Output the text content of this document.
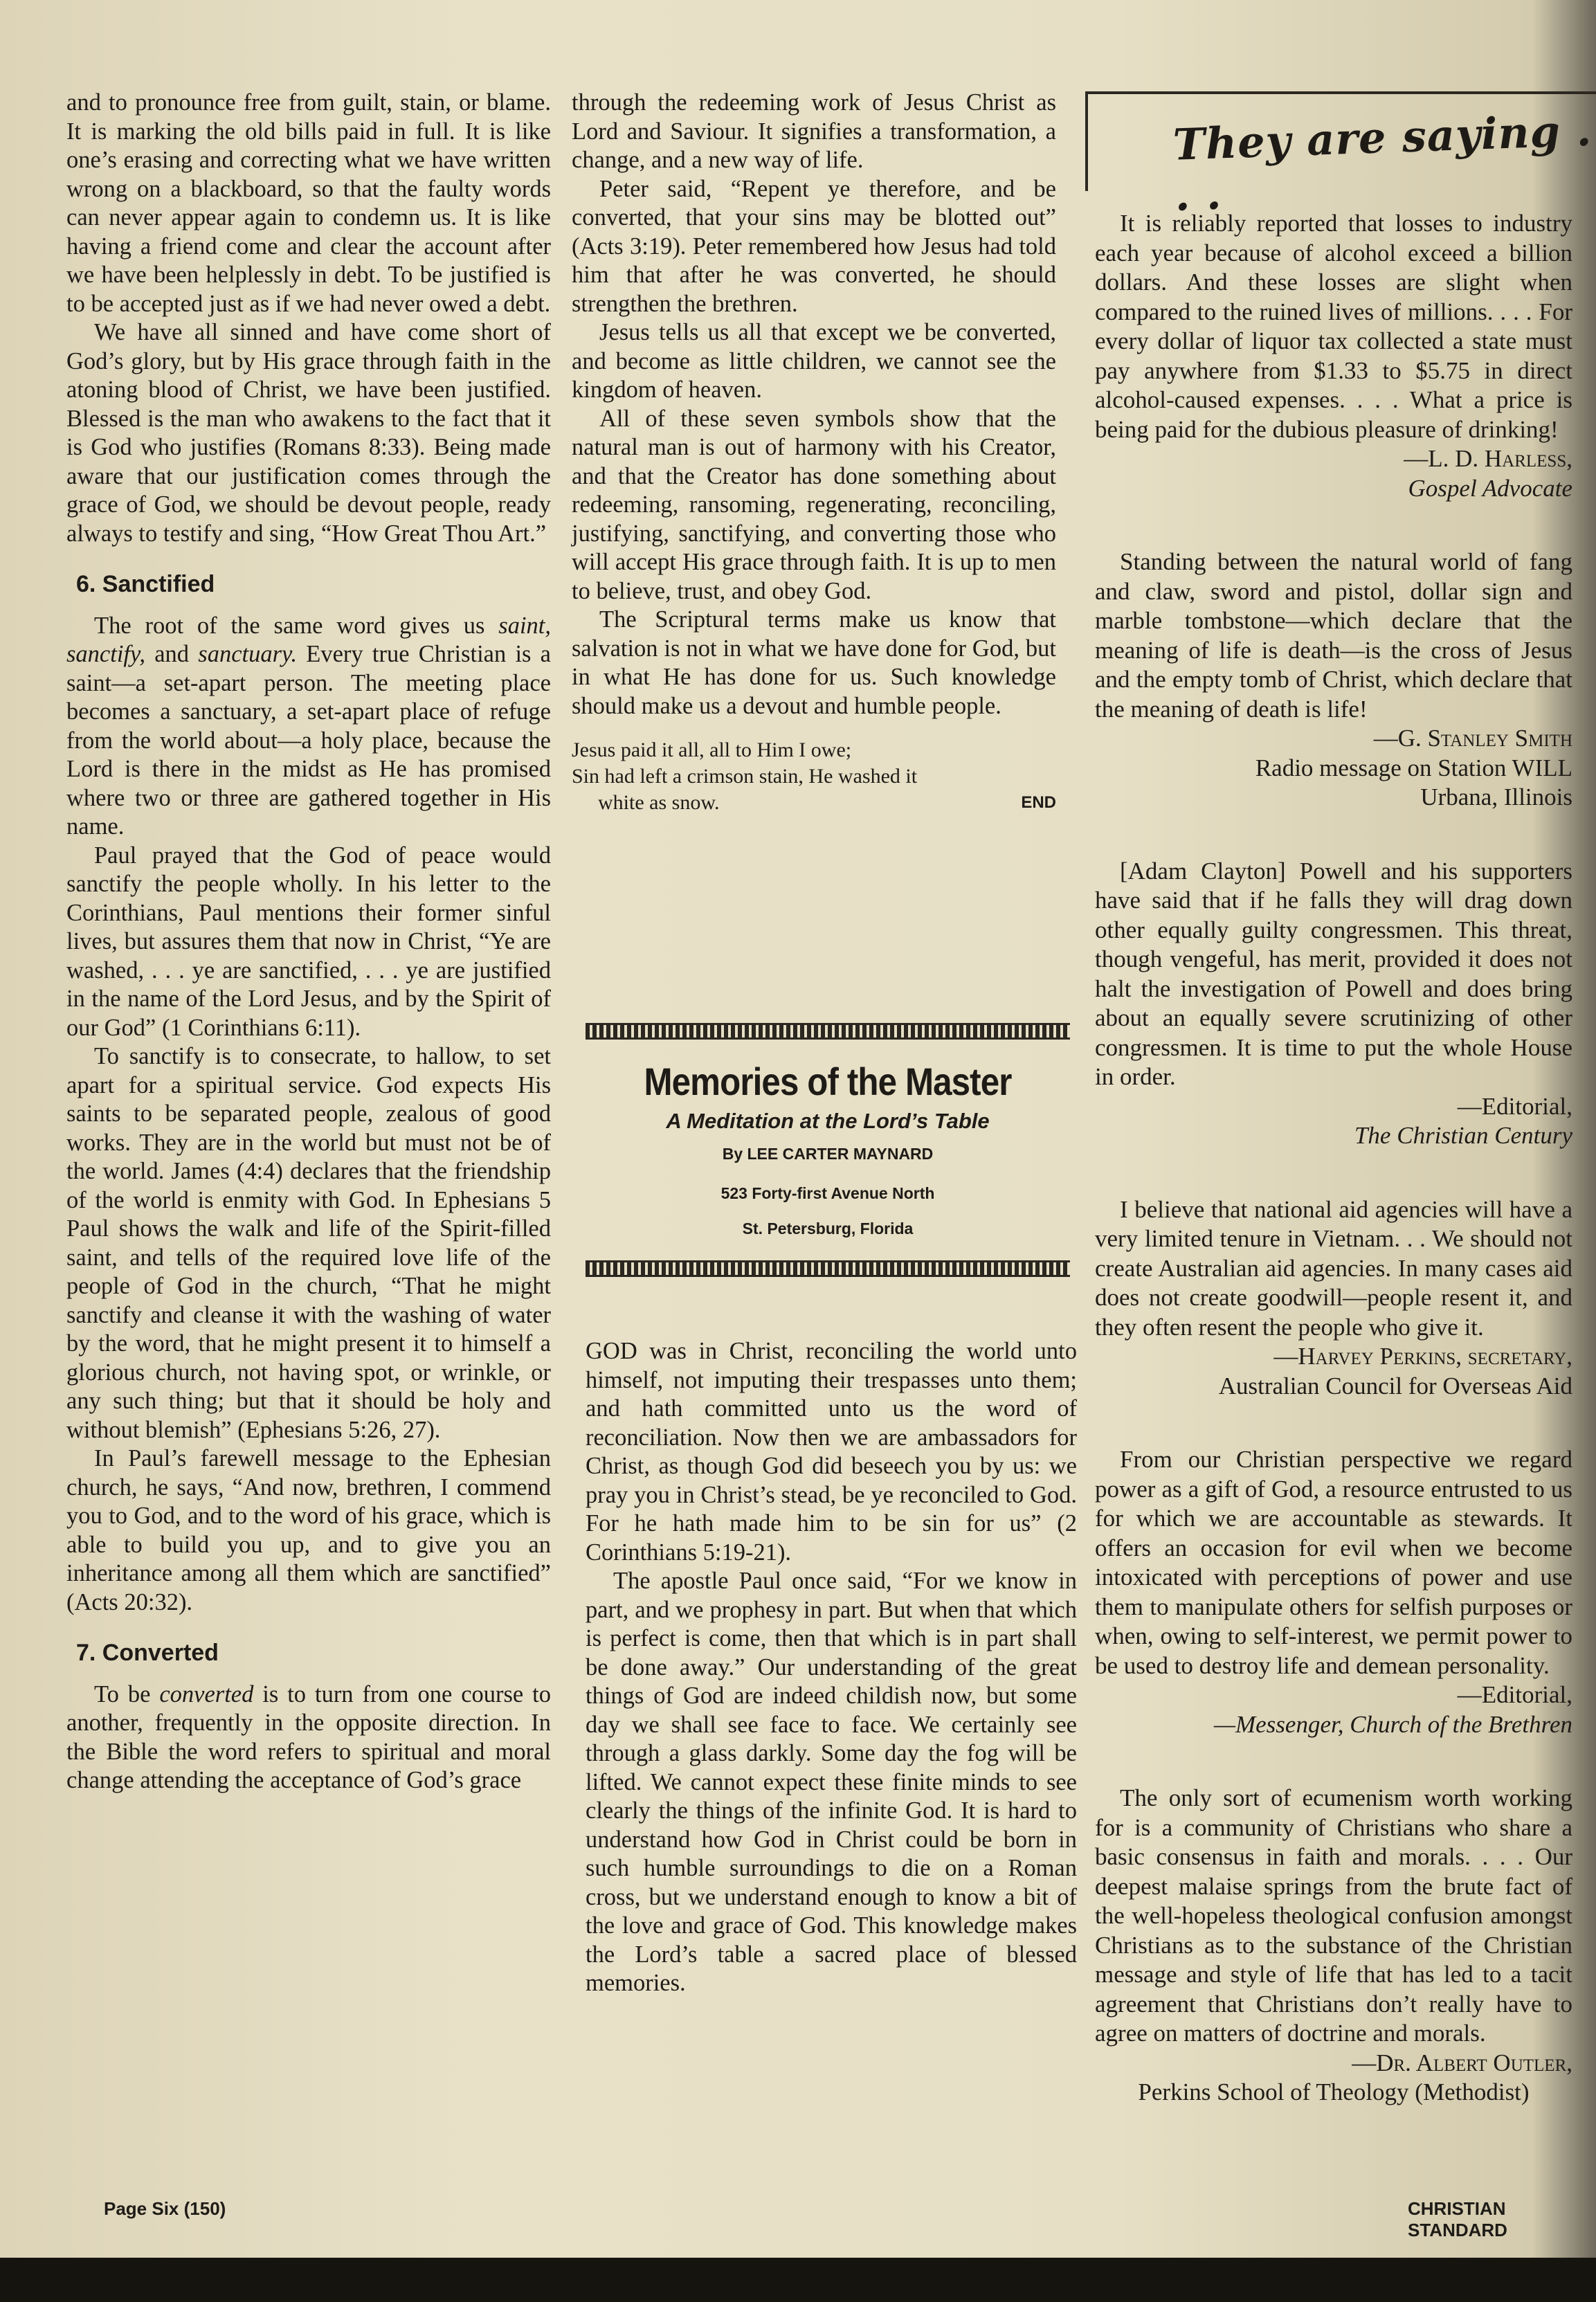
and to pronounce free from guilt, stain, or blame. It is marking the old bills paid in full. It is like one’s erasing and correcting what we have written wrong on a blackboard, so that the faulty words can never appear again to condemn us. It is like having a friend come and clear the account after we have been helplessly in debt. To be justified is to be accepted just as if we had never owed a debt.

We have all sinned and have come short of God’s glory, but by His grace through faith in the atoning blood of Christ, we have been justified. Blessed is the man who awakens to the fact that it is God who justifies (Romans 8:33). Being made aware that our justification comes through the grace of God, we should be devout people, ready always to testify and sing, “How Great Thou Art.”

6. Sanctified

The root of the same word gives us saint, sanctify, and sanctuary. Every true Christian is a saint—a set-apart person. The meeting place becomes a sanctuary, a set-apart place of refuge from the world about—a holy place, because the Lord is there in the midst as He has promised where two or three are gathered together in His name.

Paul prayed that the God of peace would sanctify the people wholly. In his letter to the Corinthians, Paul mentions their former sinful lives, but assures them that now in Christ, “Ye are washed, . . . ye are sanctified, . . . ye are justified in the name of the Lord Jesus, and by the Spirit of our God” (1 Corinthians 6:11).

To sanctify is to consecrate, to hallow, to set apart for a spiritual service. God expects His saints to be separated people, zealous of good works. They are in the world but must not be of the world. James (4:4) declares that the friendship of the world is enmity with God. In Ephesians 5 Paul shows the walk and life of the Spirit-filled saint, and tells of the required love life of the people of God in the church, “That he might sanctify and cleanse it with the washing of water by the word, that he might present it to himself a glorious church, not having spot, or wrinkle, or any such thing; but that it should be holy and without blemish” (Ephesians 5:26, 27).

In Paul’s farewell message to the Ephesian church, he says, “And now, brethren, I commend you to God, and to the word of his grace, which is able to build you up, and to give you an inheritance among all them which are sanctified” (Acts 20:32).

7. Converted

To be converted is to turn from one course to another, frequently in the opposite direction. In the Bible the word refers to spiritual and moral change attending the acceptance of God’s grace

through the redeeming work of Jesus Christ as Lord and Saviour. It signifies a transformation, a change, and a new way of life.

Peter said, “Repent ye therefore, and be converted, that your sins may be blotted out” (Acts 3:19). Peter remembered how Jesus had told him that after he was converted, he should strengthen the brethren.

Jesus tells us all that except we be converted, and become as little children, we cannot see the kingdom of heaven.

All of these seven symbols show that the natural man is out of harmony with his Creator, and that the Creator has done something about redeeming, ransoming, regenerating, reconciling, justifying, sanctifying, and converting those who will accept His grace through faith. It is up to men to believe, trust, and obey God.

The Scriptural terms make us know that salvation is not in what we have done for God, but in what He has done for us. Such knowledge should make us a devout and humble people.

Jesus paid it all, all to Him I owe;
Sin had left a crimson stain, He washed it
white as snow.	END
Memories of the Master
A Meditation at the Lord’s Table
By LEE CARTER MAYNARD
523 Forty-first Avenue North
St. Petersburg, Florida

GOD was in Christ, reconciling the world unto himself, not imputing their trespasses unto them; and hath committed unto us the word of reconciliation. Now then we are ambassadors for Christ, as though God did beseech you by us: we pray you in Christ’s stead, be ye reconciled to God. For he hath made him to be sin for us” (2 Corinthians 5:19-21).

The apostle Paul once said, “For we know in part, and we prophesy in part. But when that which is perfect is come, then that which is in part shall be done away.” Our understanding of the great things of God are indeed childish now, but some day we shall see face to face. We certainly see through a glass darkly. Some day the fog will be lifted. We cannot expect these finite minds to see clearly the things of the infinite God. It is hard to understand how God in Christ could be born in such humble surroundings to die on a Roman cross, but we understand enough to know a bit of the love and grace of God. This knowledge makes the Lord’s table a sacred place of blessed memories.

They are saying . . .

It is reliably reported that losses to industry each year because of alcohol exceed a billion dollars. And these losses are slight when compared to the ruined lives of millions. . . . For every dollar of liquor tax collected a state must pay anywhere from $1.33 to $5.75 in direct alcohol-caused expenses. . . . What a price is being paid for the dubious pleasure of drinking!

—L. D. Harless,
Gospel Advocate

Standing between the natural world of fang and claw, sword and pistol, dollar sign and marble tombstone—which declare that the meaning of life is death—is the cross of Jesus and the empty tomb of Christ, which declare that the meaning of death is life!

—G. Stanley Smith
Radio message on Station WILL
Urbana, Illinois

[Adam Clayton] Powell and his supporters have said that if he falls they will drag down other equally guilty congressmen. This threat, though vengeful, has merit, provided it does not halt the investigation of Powell and does bring about an equally severe scrutinizing of other congressmen. It is time to put the whole House in order.

—Editorial,
The Christian Century

I believe that national aid agencies will have a very limited tenure in Vietnam. . . We should not create Australian aid agencies. In many cases aid does not create goodwill—people resent it, and they often resent the people who give it.

—Harvey Perkins, secretary,
Australian Council for Overseas Aid

From our Christian perspective we regard power as a gift of God, a resource entrusted to us for which we are accountable as stewards. It offers an occasion for evil when we become intoxicated with perceptions of power and use them to manipulate others for selfish purposes or when, owing to self-interest, we permit power to be used to destroy life and demean personality.

—Editorial,
—Messenger, Church of the Brethren

The only sort of ecumenism worth working for is a community of Christians who share a basic consensus in faith and morals. . . . Our deepest malaise springs from the brute fact of the well-hopeless theological confusion amongst Christians as to the substance of the Christian message and style of life that has led to a tacit agreement that Christians don’t really have to agree on matters of doctrine and morals.

—Dr. Albert Outler,
Perkins School of Theology (Methodist)
Page Six (150)	CHRISTIAN STANDARD
